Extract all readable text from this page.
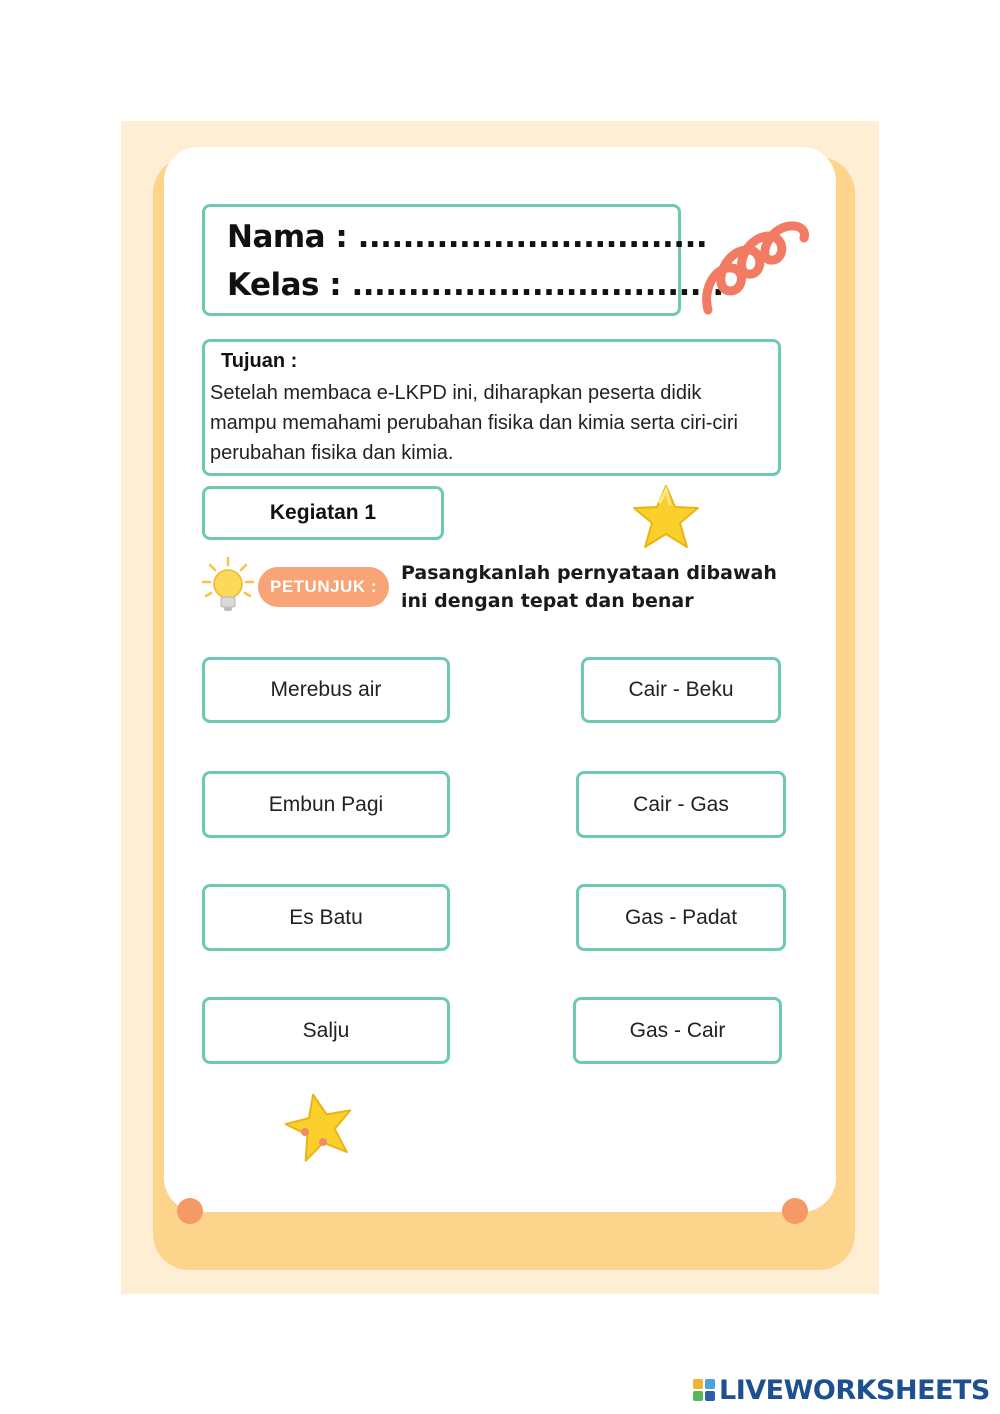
Nama : ...............................
Kelas : .................................
Tujuan :
Setelah membaca e-LKPD ini, diharapkan peserta didik mampu memahami perubahan fisika dan kimia serta ciri-ciri perubahan fisika dan kimia.
Kegiatan 1
PETUNJUK :
Pasangkanlah pernyataan dibawah ini dengan tepat dan benar
Merebus air
Embun Pagi
Es Batu
Salju
Cair - Beku
Cair - Gas
Gas - Padat
Gas - Cair
LIVEWORKSHEETS
